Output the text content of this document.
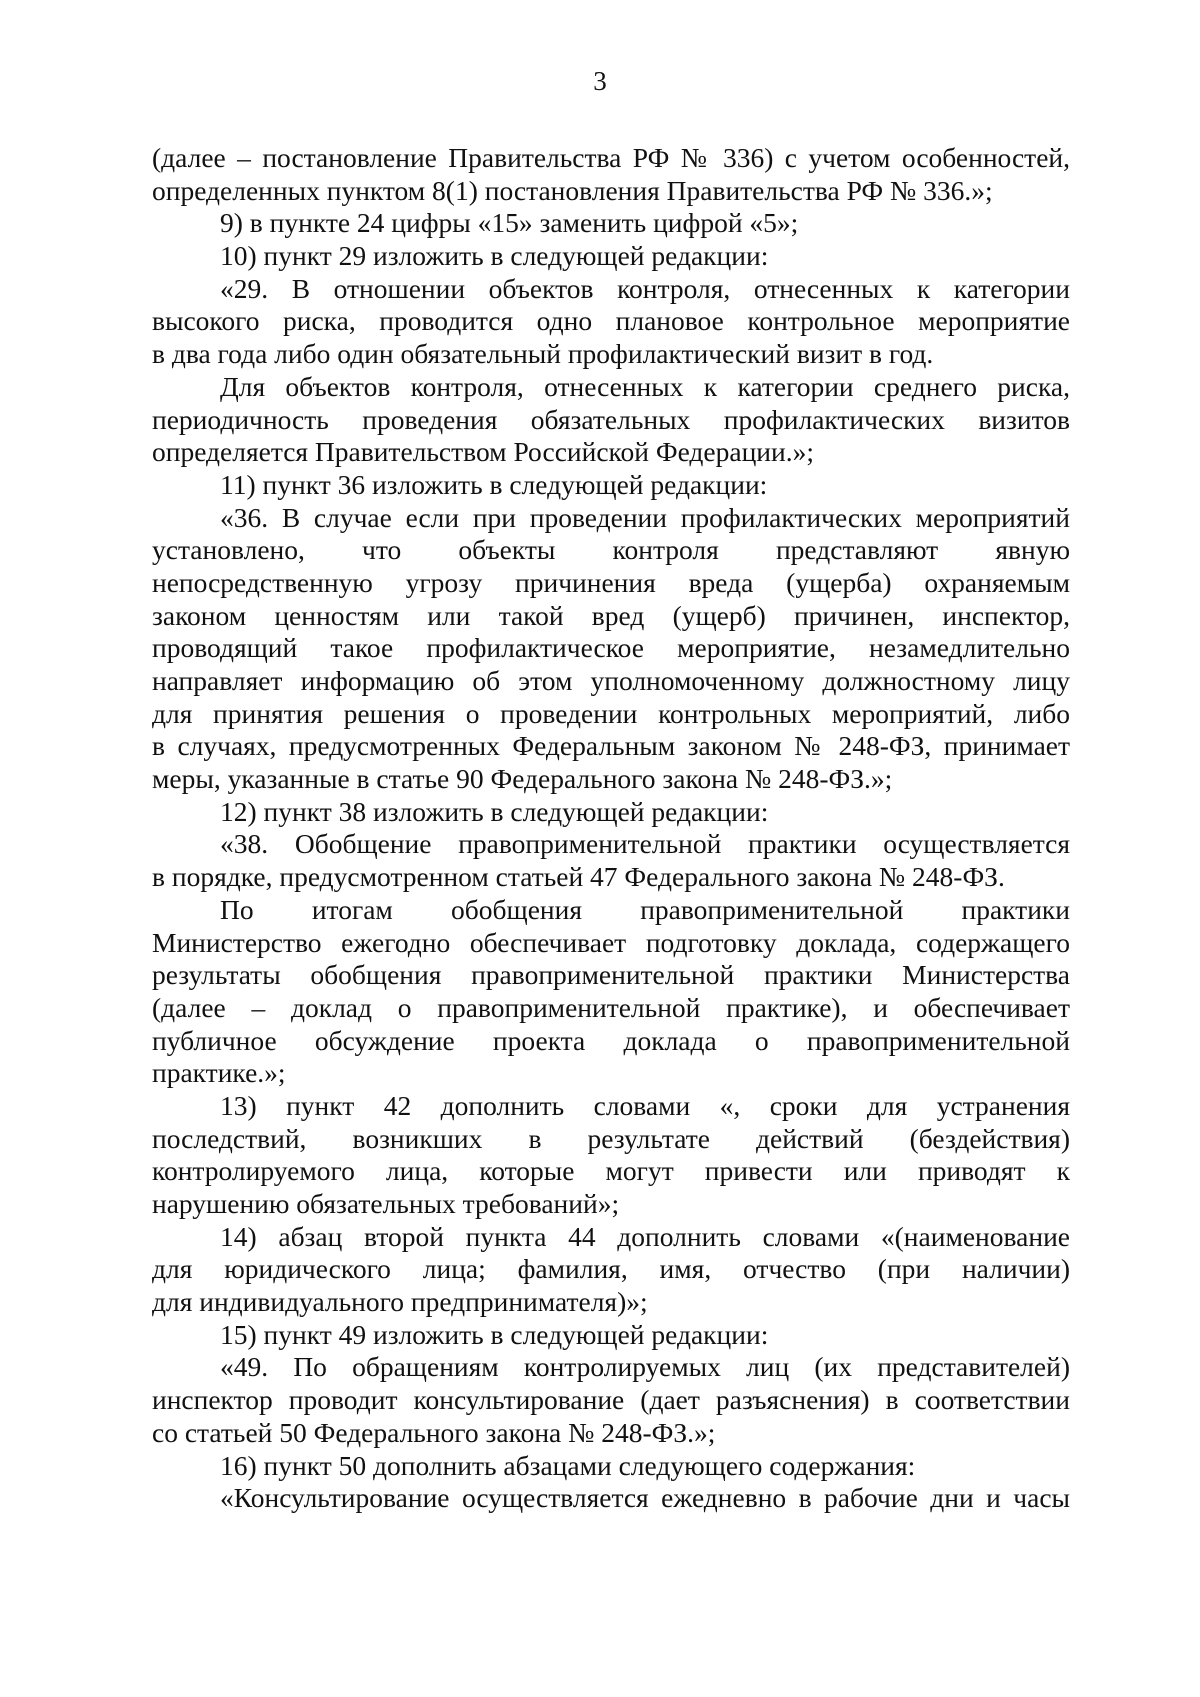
3
(далее – постановление Правительства РФ № 336) с учетом особенностей,
определенных пунктом 8(1) постановления Правительства РФ № 336.»;
9) в пункте 24 цифры «15» заменить цифрой «5»;
10) пункт 29 изложить в следующей редакции:
«29. В отношении объектов контроля, отнесенных к категории
высокого риска, проводится одно плановое контрольное мероприятие
в два года либо один обязательный профилактический визит в год.
Для объектов контроля, отнесенных к категории среднего риска,
периодичность проведения обязательных профилактических визитов
определяется Правительством Российской Федерации.»;
11) пункт 36 изложить в следующей редакции:
«36. В случае если при проведении профилактических мероприятий
установлено, что объекты контроля представляют явную
непосредственную угрозу причинения вреда (ущерба) охраняемым
законом ценностям или такой вред (ущерб) причинен, инспектор,
проводящий такое профилактическое мероприятие, незамедлительно
направляет информацию об этом уполномоченному должностному лицу
для принятия решения о проведении контрольных мероприятий, либо
в случаях, предусмотренных Федеральным законом № 248-ФЗ, принимает
меры, указанные в статье 90 Федерального закона № 248-ФЗ.»;
12) пункт 38 изложить в следующей редакции:
«38. Обобщение правоприменительной практики осуществляется
в порядке, предусмотренном статьей 47 Федерального закона № 248-ФЗ.
По итогам обобщения правоприменительной практики
Министерство ежегодно обеспечивает подготовку доклада, содержащего
результаты обобщения правоприменительной практики Министерства
(далее – доклад о правоприменительной практике), и обеспечивает
публичное обсуждение проекта доклада о правоприменительной
практике.»;
13) пункт 42 дополнить словами «, сроки для устранения
последствий, возникших в результате действий (бездействия)
контролируемого лица, которые могут привести или приводят к
нарушению обязательных требований»;
14) абзац второй пункта 44 дополнить словами «(наименование
для юридического лица; фамилия, имя, отчество (при наличии)
для индивидуального предпринимателя)»;
15) пункт 49 изложить в следующей редакции:
«49. По обращениям контролируемых лиц (их представителей)
инспектор проводит консультирование (дает разъяснения) в соответствии
со статьей 50 Федерального закона № 248-ФЗ.»;
16) пункт 50 дополнить абзацами следующего содержания:
«Консультирование осуществляется ежедневно в рабочие дни и часы
